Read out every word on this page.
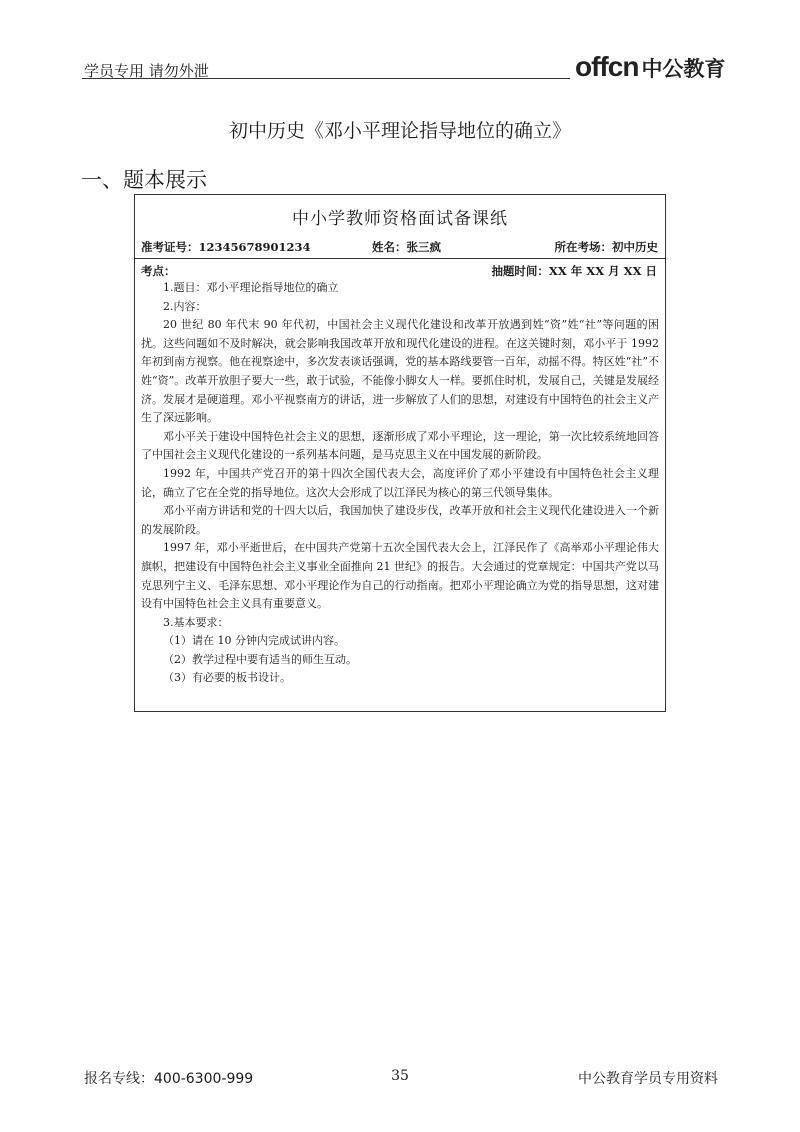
学员专用 请勿外泄	offcn 中公教育
初中历史《邓小平理论指导地位的确立》
一、题本展示
中小学教师资格面试备课纸
准考证号：12345678901234	姓名：张三疯	所在考场：初中历史
考点：	抽题时间：XX 年 XX 月 XX 日

1.题目：邓小平理论指导地位的确立

2.内容：

20 世纪 80 年代末 90 年代初，中国社会主义现代化建设和改革开放遇到姓“资”姓“社”等问题的困扰。这些问题如不及时解决，就会影响我国改革开放和现代化建设的进程。在这关键时刻，邓小平于 1992 年初到南方视察。他在视察途中，多次发表谈话强调，党的基本路线要管一百年，动摇不得。特区姓“社”不姓“资”。改革开放胆子要大一些，敢于试验，不能像小脚女人一样。要抓住时机，发展自己，关键是发展经济。发展才是硬道理。邓小平视察南方的讲话，进一步解放了人们的思想，对建设有中国特色的社会主义产生了深远影响。

邓小平关于建设中国特色社会主义的思想，逐渐形成了邓小平理论，这一理论，第一次比较系统地回答了中国社会主义现代化建设的一系列基本问题，是马克思主义在中国发展的新阶段。

1992 年，中国共产党召开的第十四次全国代表大会，高度评价了邓小平建设有中国特色社会主义理论，确立了它在全党的指导地位。这次大会形成了以江泽民为核心的第三代领导集体。

邓小平南方讲话和党的十四大以后，我国加快了建设步伐，改革开放和社会主义现代化建设进入一个新的发展阶段。

1997 年，邓小平逝世后，在中国共产党第十五次全国代表大会上，江泽民作了《高举邓小平理论伟大旗帜，把建设有中国特色社会主义事业全面推向 21 世纪》的报告。大会通过的党章规定：中国共产党以马克思列宁主义、毛泽东思想、邓小平理论作为自己的行动指南。把邓小平理论确立为党的指导思想，这对建设有中国特色社会主义具有重要意义。

3.基本要求：

（1）请在 10 分钟内完成试讲内容。

（2）教学过程中要有适当的师生互动。

（3）有必要的板书设计。

报名专线：400-6300-999	35	中公教育学员专用资料
